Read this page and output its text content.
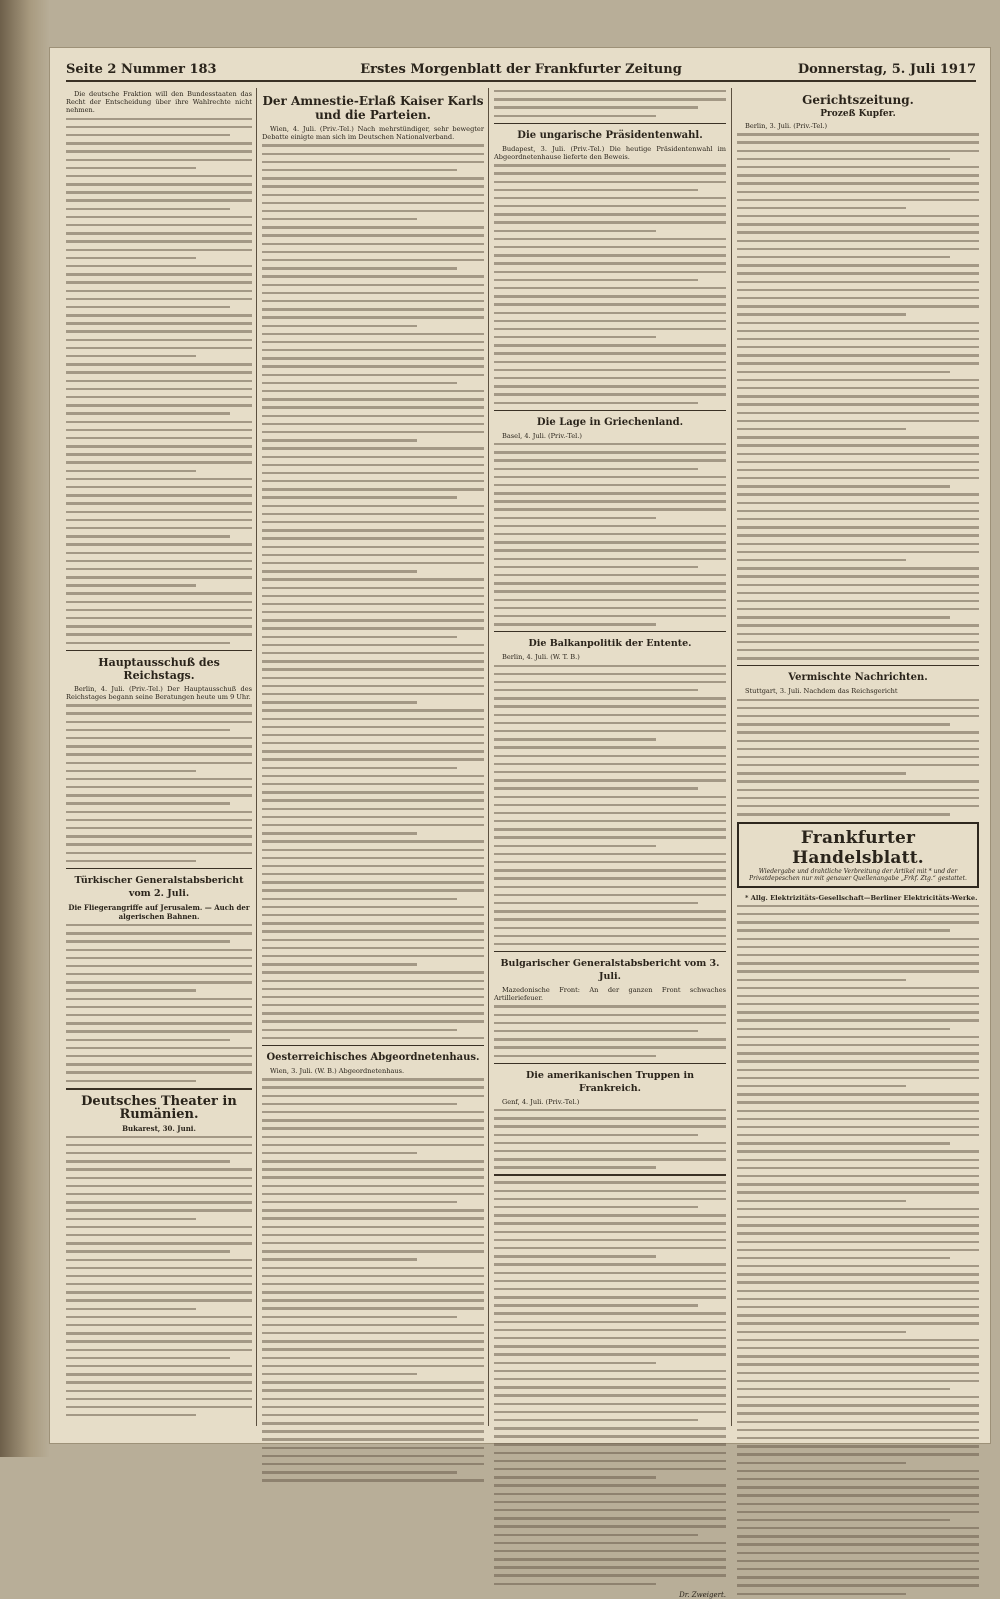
Seite 2 Nummer 183	Erstes Morgenblatt der Frankfurter Zeitung	Donnerstag, 5. Juli 1917

Die deutsche Fraktion will den Bundesstaaten das Recht der Entscheidung über ihre Wahlrechte nicht nehmen.

Hauptausschuß des Reichstags.

Berlin, 4. Juli. (Priv.-Tel.) Der Hauptausschuß des Reichstages begann seine Beratungen heute um 9 Uhr.

Türkischer Generalstabsbericht vom 2. Juli.
Die Fliegerangriffe auf Jerusalem. — Auch der algerischen Bahnen.
Deutsches Theater in Rumänien.
Bukarest, 30. Juni.
Der Amnestie-Erlaß Kaiser Karls und die Parteien.

Wien, 4. Juli. (Priv.-Tel.) Nach mehrstündiger, sehr bewegter Debatte einigte man sich im Deutschen Nationalverband.

Oesterreichisches Abgeordnetenhaus.

Wien, 3. Juli. (W. B.) Abgeordnetenhaus.

Die ungarische Präsidentenwahl.

Budapest, 3. Juli. (Priv.-Tel.) Die heutige Präsidentenwahl im Abgeordnetenhause lieferte den Beweis.

Die Lage in Griechenland.

Basel, 4. Juli. (Priv.-Tel.)

Die Balkanpolitik der Entente.

Berlin, 4. Juli. (W. T. B.)

Bulgarischer Generalstabsbericht vom 3. Juli.

Mazedonische Front: An der ganzen Front schwaches Artilleriefeuer.

Die amerikanischen Truppen in Frankreich.

Genf, 4. Juli. (Priv.-Tel.)

Dr. Zweigert.
Gerichtszeitung.
Prozeß Kupfer.

Berlin, 3. Juli. (Priv.-Tel.)

Vermischte Nachrichten.

Stuttgart, 3. Juli. Nachdem das Reichsgericht

Frankfurter Handelsblatt.
Wiedergabe und drahtliche Verbreitung der Artikel mit * und der Privatdepeschen nur mit genauer Quellenangabe „Frkf. Ztg.“ gestattet.

* Allg. Elektrizitäts-Gesellschaft—Berliner Elektricitäts-Werke.
